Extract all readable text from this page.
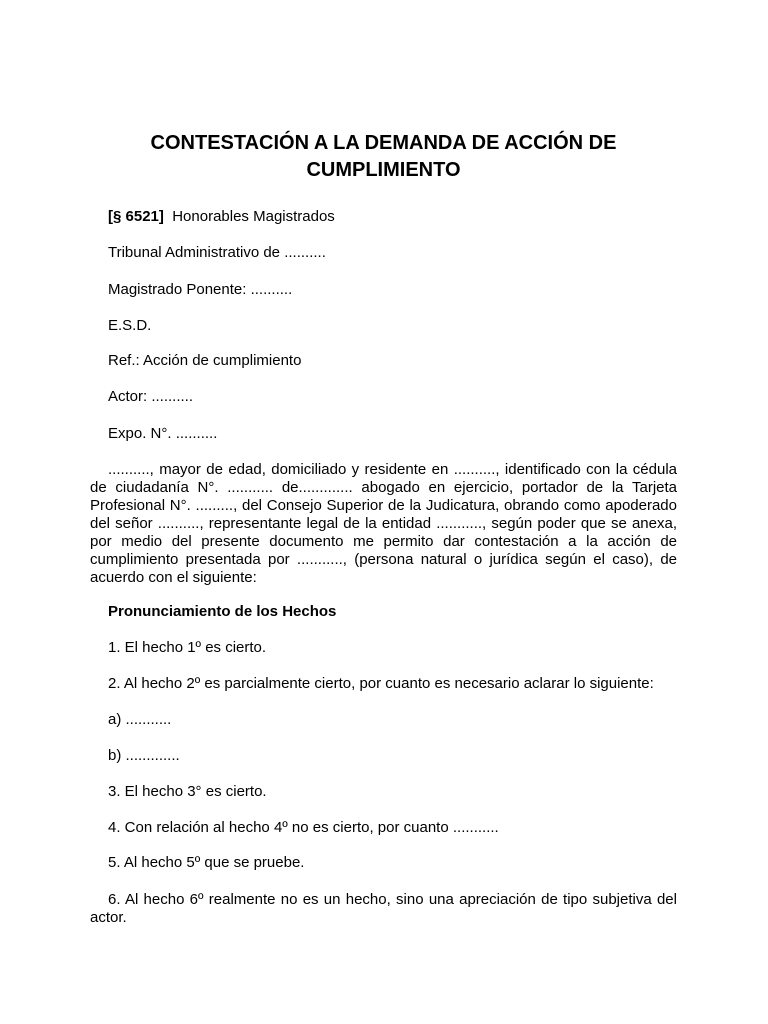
CONTESTACIÓN A LA DEMANDA DE ACCIÓN DE CUMPLIMIENTO
[§ 6521] Honorables Magistrados
Tribunal Administrativo de ..........
Magistrado Ponente: ..........
E.S.D.
Ref.: Acción de cumplimiento
Actor: ..........
Expo. N°. ..........
.........., mayor de edad, domiciliado y residente en .........., identificado con la cédula de ciudadanía N°. ........... de............. abogado en ejercicio, portador de la Tarjeta Profesional N°. ........., del Consejo Superior de la Judicatura, obrando como apoderado del señor .........., representante legal de la entidad ..........., según poder que se anexa, por medio del presente documento me permito dar contestación a la acción de cumplimiento presentada por ..........., (persona natural o jurídica según el caso), de acuerdo con el siguiente:
Pronunciamiento de los Hechos
1. El hecho 1º es cierto.
2. Al hecho 2º es parcialmente cierto, por cuanto es necesario aclarar lo siguiente:
a) ...........
b) .............
3. El hecho 3° es cierto.
4. Con relación al hecho 4º no es cierto, por cuanto ...........
5. Al hecho 5º que se pruebe.
6. Al hecho 6º realmente no es un hecho, sino una apreciación de tipo subjetiva del actor.
